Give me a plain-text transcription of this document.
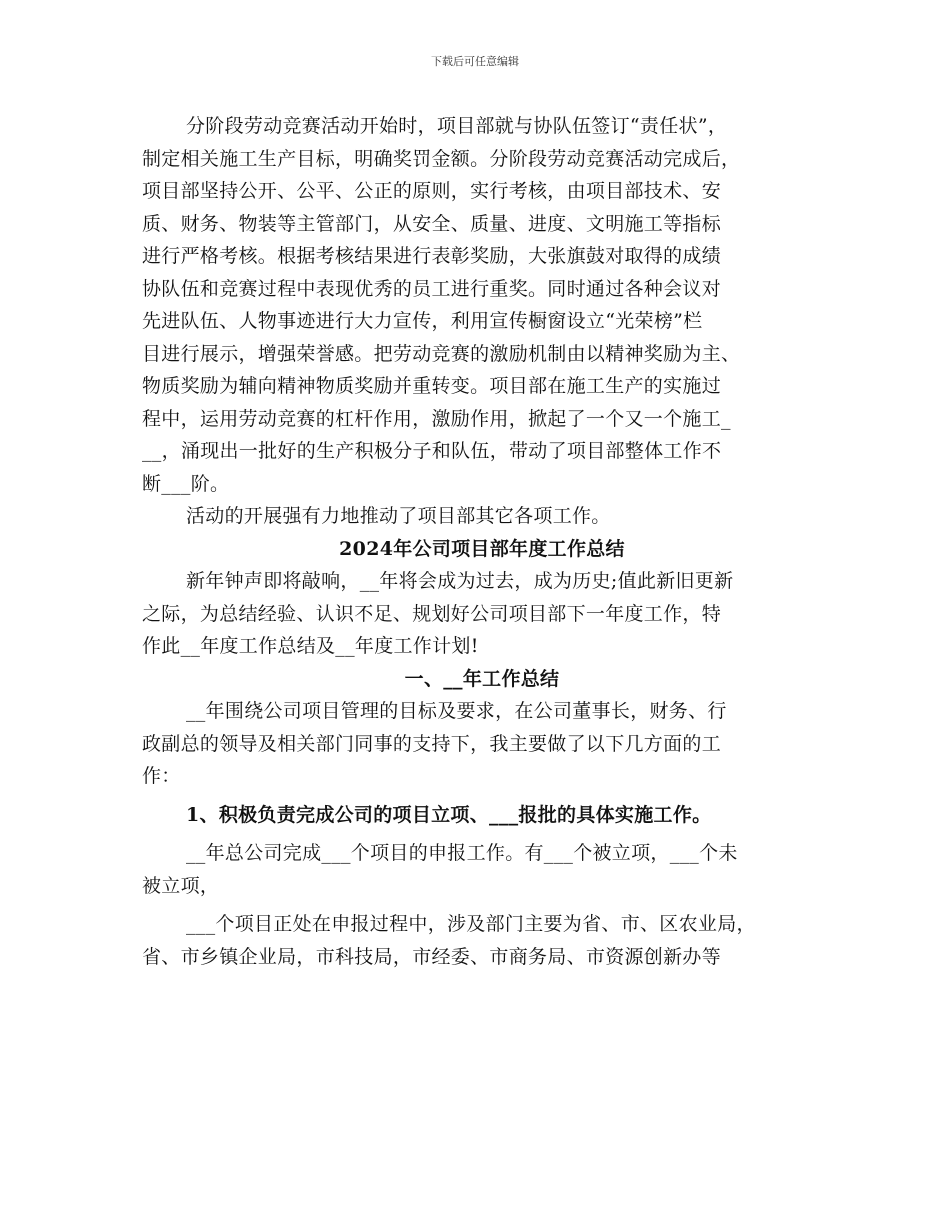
下载后可任意编辑
分阶段劳动竞赛活动开始时，项目部就与协队伍签订“责任状”，
制定相关施工生产目标，明确奖罚金额。分阶段劳动竞赛活动完成后，
项目部坚持公开、公平、公正的原则，实行考核，由项目部技术、安
质、财务、物装等主管部门，从安全、质量、进度、文明施工等指标
进行严格考核。根据考核结果进行表彰奖励，大张旗鼓对取得的成绩
协队伍和竞赛过程中表现优秀的员工进行重奖。同时通过各种会议对
先进队伍、人物事迹进行大力宣传，利用宣传橱窗设立“光荣榜”栏
目进行展示，增强荣誉感。把劳动竞赛的激励机制由以精神奖励为主、
物质奖励为辅向精神物质奖励并重转变。项目部在施工生产的实施过
程中，运用劳动竞赛的杠杆作用，激励作用，掀起了一个又一个施工_
__，涌现出一批好的生产积极分子和队伍，带动了项目部整体工作不
断___阶。
活动的开展强有力地推动了项目部其它各项工作。
2024年公司项目部年度工作总结
新年钟声即将敲响，__年将会成为过去，成为历史;值此新旧更新
之际，为总结经验、认识不足、规划好公司项目部下一年度工作，特
作此__年度工作总结及__年度工作计划!
一、__年工作总结
__年围绕公司项目管理的目标及要求，在公司董事长，财务、行
政副总的领导及相关部门同事的支持下，我主要做了以下几方面的工
作：
1、积极负责完成公司的项目立项、___报批的具体实施工作。
__年总公司完成___个项目的申报工作。有___个被立项，___个未
被立项，
___个项目正处在申报过程中，涉及部门主要为省、市、区农业局，
省、市乡镇企业局，市科技局，市经委、市商务局、市资源创新办等
